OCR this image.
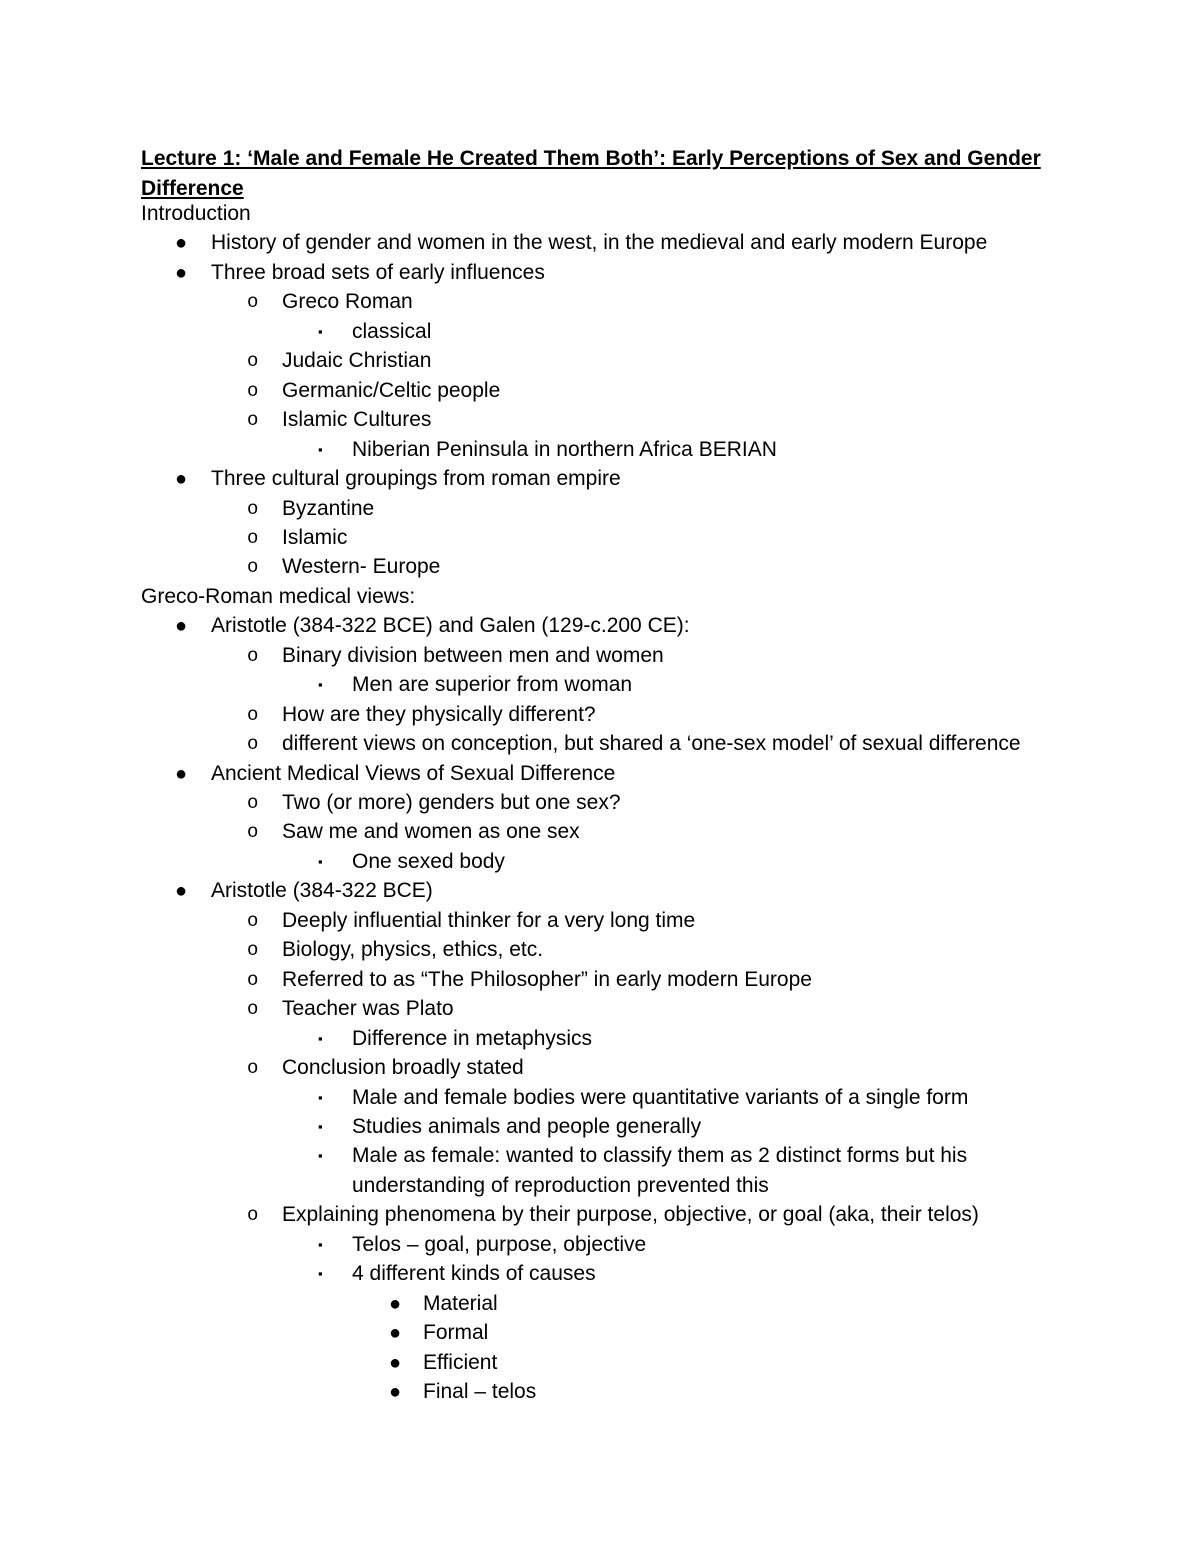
Lecture 1: ‘Male and Female He Created Them Both’: Early Perceptions of Sex and Gender Difference
Introduction
● History of gender and women in the west, in the medieval and early modern Europe
● Three broad sets of early influences
o Greco Roman
▪ classical
o Judaic Christian
o Germanic/Celtic people
o Islamic Cultures
▪ Niberian Peninsula in northern Africa BERIAN
● Three cultural groupings from roman empire
o Byzantine
o Islamic
o Western- Europe
Greco-Roman medical views:
● Aristotle (384-322 BCE) and Galen (129-c.200 CE):
o Binary division between men and women
▪ Men are superior from woman
o How are they physically different?
o different views on conception, but shared a ‘one-sex model’ of sexual difference
● Ancient Medical Views of Sexual Difference
o Two (or more) genders but one sex?
o Saw me and women as one sex
▪ One sexed body
● Aristotle (384-322 BCE)
o Deeply influential thinker for a very long time
o Biology, physics, ethics, etc.
o Referred to as “The Philosopher” in early modern Europe
o Teacher was Plato
▪ Difference in metaphysics
o Conclusion broadly stated
▪ Male and female bodies were quantitative variants of a single form
▪ Studies animals and people generally
▪ Male as female: wanted to classify them as 2 distinct forms but his
understanding of reproduction prevented this
o Explaining phenomena by their purpose, objective, or goal (aka, their telos)
▪ Telos – goal, purpose, objective
▪ 4 different kinds of causes
● Material
● Formal
● Efficient
● Final – telos
